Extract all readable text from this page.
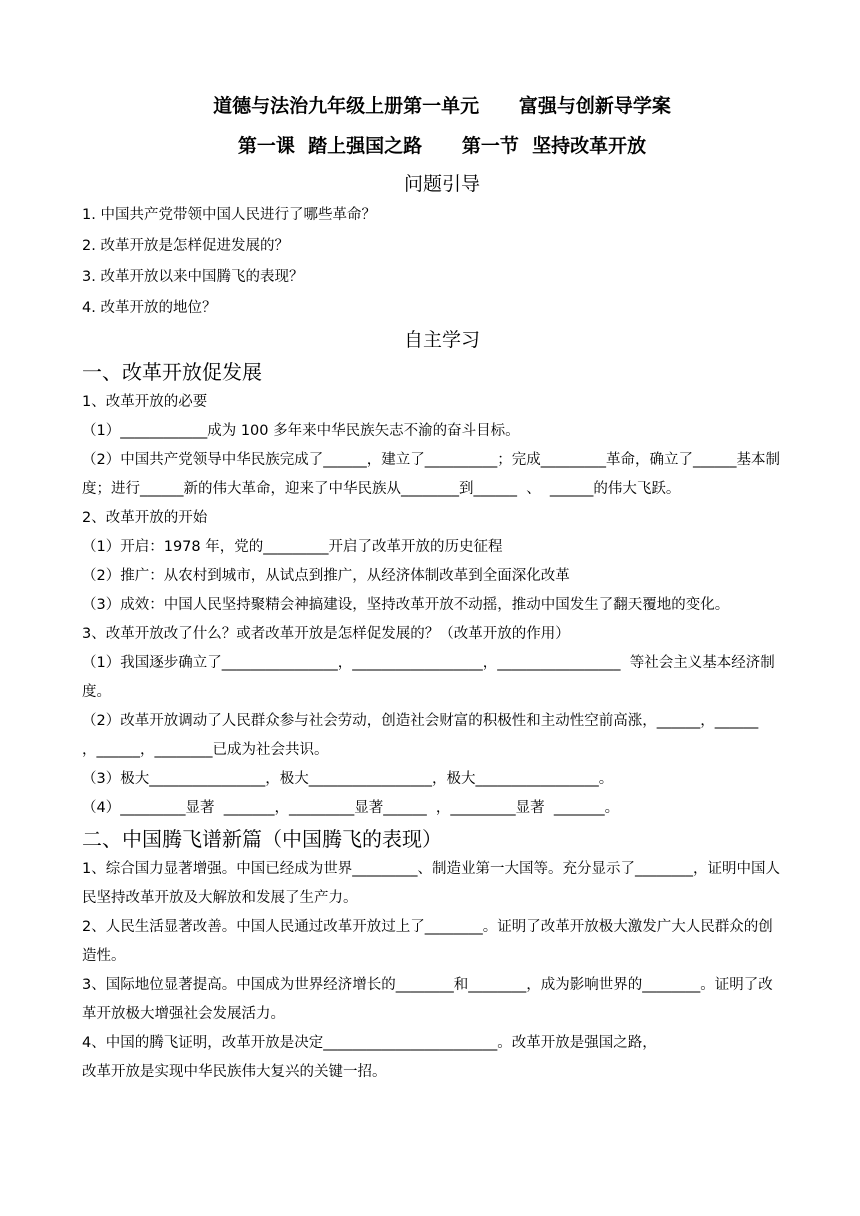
道德与法治九年级上册第一单元      富强与创新导学案
第一课  踏上强国之路      第一节  坚持改革开放
问题引导
1. 中国共产党带领中国人民进行了哪些革命？
2. 改革开放是怎样促进发展的？
3. 改革开放以来中国腾飞的表现？
4. 改革开放的地位？
自主学习
一、改革开放促发展
1、改革开放的必要
（1）____________成为 100 多年来中华民族矢志不渝的奋斗目标。
（2）中国共产党领导中华民族完成了______，建立了__________；完成_________革命，确立了______基本制度；进行______新的伟大革命，迎来了中华民族从________到______  、  ______的伟大飞跃。
2、改革开放的开始
（1）开启：1978 年，党的_________开启了改革开放的历史征程
（2）推广：从农村到城市，从试点到推广，从经济体制改革到全面深化改革
（3）成效：中国人民坚持聚精会神搞建设，坚持改革开放不动摇，推动中国发生了翻天覆地的变化。
3、改革开放改了什么？或者改革开放是怎样促发展的？（改革开放的作用）
（1）我国逐步确立了________________，__________________，_________________  等社会主义基本经济制度。
（2）改革开放调动了人民群众参与社会劳动，创造社会财富的积极性和主动性空前高涨，______，______   ，______，________已成为社会共识。
（3）极大________________，极大_________________，极大_________________。
（4）_________显著  _______，_________显著______  ，_________显著  _______。
二、中国腾飞谱新篇（中国腾飞的表现）
1、综合国力显著增强。中国已经成为世界_________、制造业第一大国等。充分显示了________，证明中国人民坚持改革开放及大解放和发展了生产力。
2、人民生活显著改善。中国人民通过改革开放过上了________。证明了改革开放极大激发广大人民群众的创造性。
3、国际地位显著提高。中国成为世界经济增长的________和________，成为影响世界的________。证明了改革开放极大增强社会发展活力。
4、中国的腾飞证明，改革开放是决定________________________。改革开放是强国之路，
改革开放是实现中华民族伟大复兴的关键一招。
